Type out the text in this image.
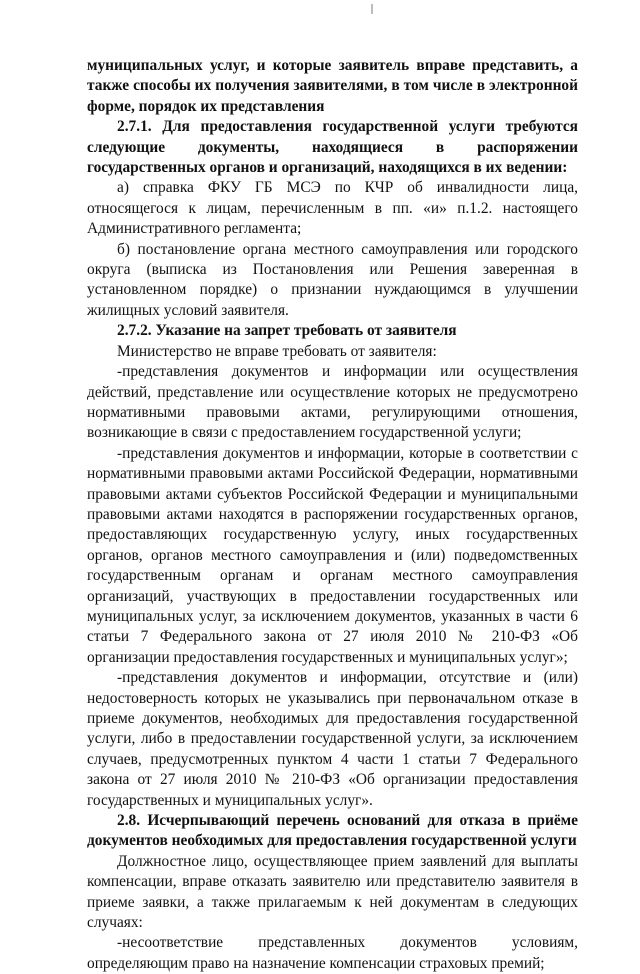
муниципальных услуг, и которые заявитель вправе представить, а также способы их получения заявителями, в том числе в электронной форме, порядок их представления

2.7.1. Для предоставления государственной услуги требуются следующие документы, находящиеся в распоряжении государственных органов и организаций, находящихся в их ведении:

а) справка ФКУ ГБ МСЭ по КЧР об инвалидности лица, относящегося к лицам, перечисленным в пп. «и» п.1.2. настоящего Административного регламента;

б) постановление органа местного самоуправления или городского округа (выписка из Постановления или Решения заверенная в установленном порядке) о признании нуждающимся в улучшении жилищных условий заявителя.

2.7.2. Указание на запрет требовать от заявителя

Министерство не вправе требовать от заявителя:

-представления документов и информации или осуществления действий, представление или осуществление которых не предусмотрено нормативными правовыми актами, регулирующими отношения, возникающие в связи с предоставлением государственной услуги;

-представления документов и информации, которые в соответствии с нормативными правовыми актами Российской Федерации, нормативными правовыми актами субъектов Российской Федерации и муниципальными правовыми актами находятся в распоряжении государственных органов, предоставляющих государственную услугу, иных государственных органов, органов местного самоуправления и (или) подведомственных государственным органам и органам местного самоуправления организаций, участвующих в предоставлении государственных или муниципальных услуг, за исключением документов, указанных в части 6 статьи 7 Федерального закона от 27 июля 2010 № 210-ФЗ «Об организации предоставления государственных и муниципальных услуг»;

-представления документов и информации, отсутствие и (или) недостоверность которых не указывались при первоначальном отказе в приеме документов, необходимых для предоставления государственной услуги, либо в предоставлении государственной услуги, за исключением случаев, предусмотренных пунктом 4 части 1 статьи 7 Федерального закона от 27 июля 2010 № 210-ФЗ «Об организации предоставления государственных и муниципальных услуг».

2.8. Исчерпывающий перечень оснований для отказа в приёме документов необходимых для предоставления государственной услуги

Должностное лицо, осуществляющее прием заявлений для выплаты компенсации, вправе отказать заявителю или представителю заявителя в приеме заявки, а также прилагаемым к ней документам в следующих случаях:

-несоответствие представленных документов условиям, определяющим право на назначение компенсации страховых премий;
